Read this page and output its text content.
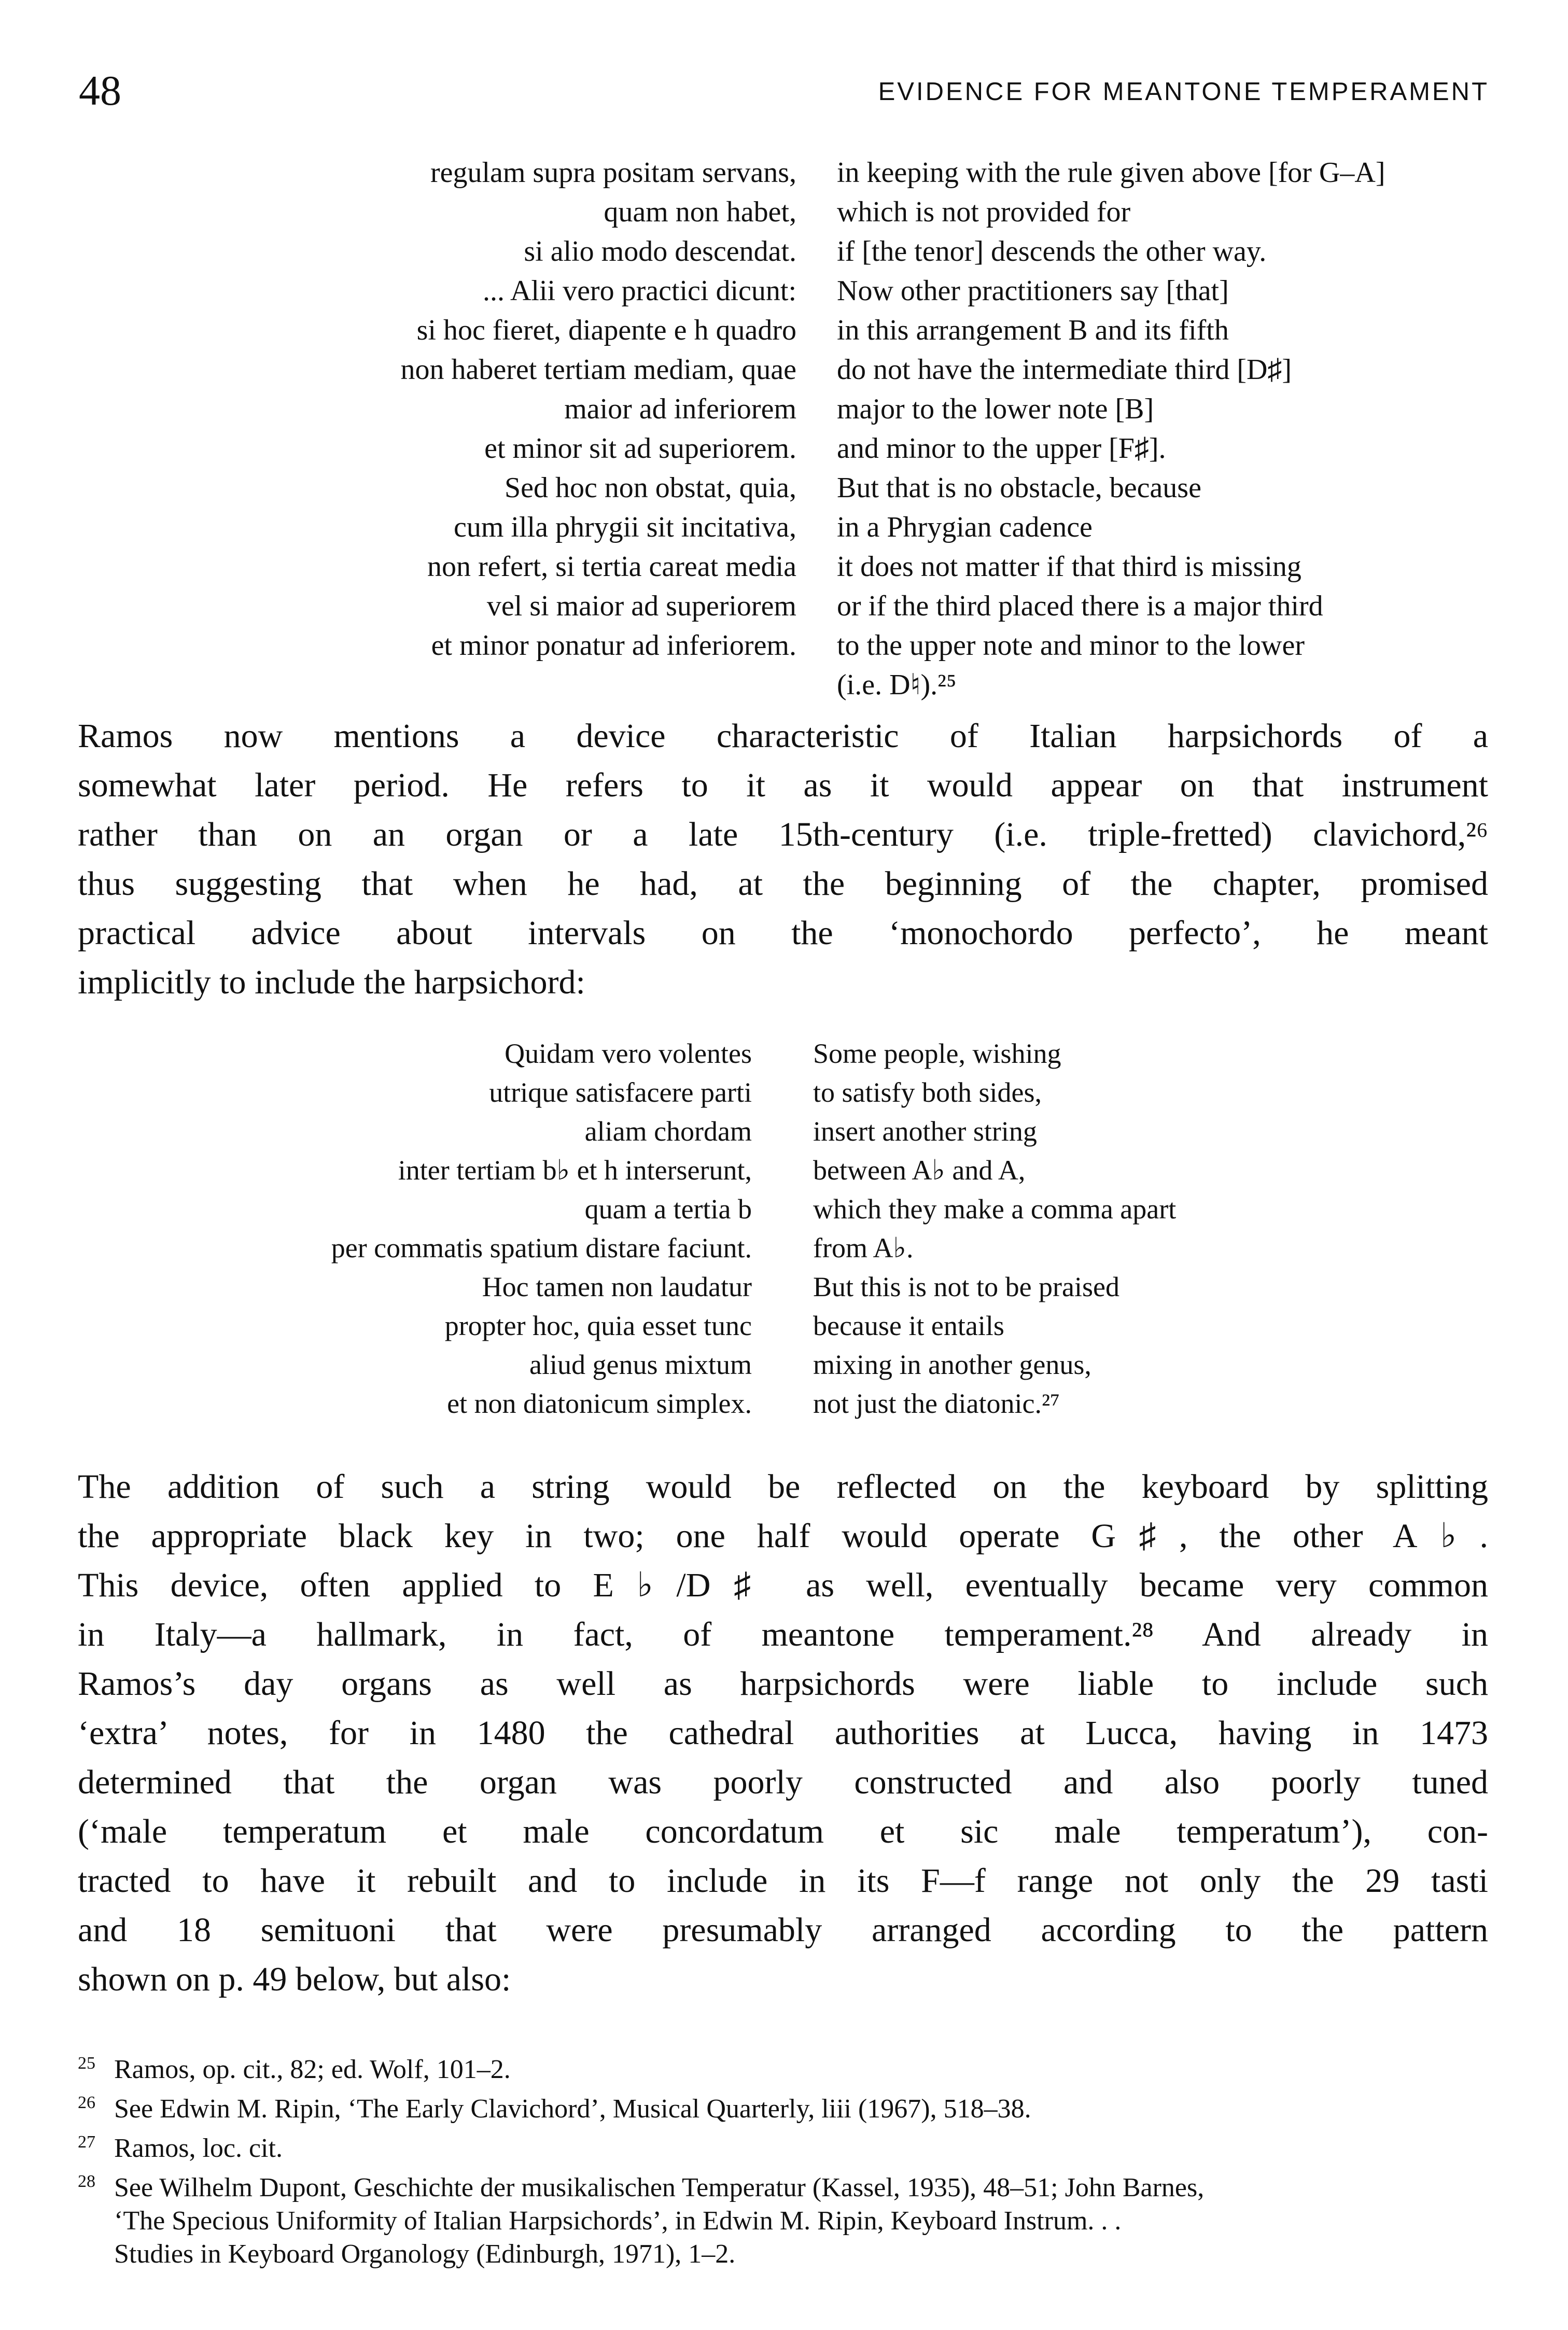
48	EVIDENCE FOR MEANTONE TEMPERAMENT
regulam supra positam servans,
quam non habet,
si alio modo descendat.
... Alii vero practici dicunt:
si hoc fieret, diapente e h quadro
non haberet tertiam mediam, quae
maior ad inferiorem
et minor sit ad superiorem.
Sed hoc non obstat, quia,
cum illa phrygii sit incitativa,
non refert, si tertia careat media
vel si maior ad superiorem
et minor ponatur ad inferiorem.
in keeping with the rule given above [for G–A]
which is not provided for
if [the tenor] descends the other way.
Now other practitioners say [that]
in this arrangement B and its fifth
do not have the intermediate third [D♯]
major to the lower note [B]
and minor to the upper [F♯].
But that is no obstacle, because
in a Phrygian cadence
it does not matter if that third is missing
or if the third placed there is a major third
to the upper note and minor to the lower
(i.e. D♮).²⁵
Ramos now mentions a device characteristic of Italian harpsichords of a
somewhat later period. He refers to it as it would appear on that instrument
rather than on an organ or a late 15th-century (i.e. triple-fretted) clavichord,²⁶
thus suggesting that when he had, at the beginning of the chapter, promised
practical advice about intervals on the ‘monochordo perfecto’, he meant
implicitly to include the harpsichord:
Quidam vero volentes
utrique satisfacere parti
aliam chordam
inter tertiam b♭ et h interserunt,
quam a tertia b
per commatis spatium distare faciunt.
Hoc tamen non laudatur
propter hoc, quia esset tunc
aliud genus mixtum
et non diatonicum simplex.
Some people, wishing
to satisfy both sides,
insert another string
between A♭ and A,
which they make a comma apart
from A♭.
But this is not to be praised
because it entails
mixing in another genus,
not just the diatonic.²⁷
The addition of such a string would be reflected on the keyboard by splitting
the appropriate black key in two; one half would operate G♯, the other A♭.
This device, often applied to E♭/D♯ as well, eventually became very common
in Italy—a hallmark, in fact, of meantone temperament.²⁸ And already in
Ramos’s day organs as well as harpsichords were liable to include such
‘extra’ notes, for in 1480 the cathedral authorities at Lucca, having in 1473
determined that the organ was poorly constructed and also poorly tuned
(‘male temperatum et male concordatum et sic male temperatum’), con-
tracted to have it rebuilt and to include in its F—f range not only the 29 tasti
and 18 semituoni that were presumably arranged according to the pattern
shown on p. 49 below, but also:
25 Ramos, op. cit., 82; ed. Wolf, 101–2.
26 See Edwin M. Ripin, ‘The Early Clavichord’, Musical Quarterly, liii (1967), 518–38.
27 Ramos, loc. cit.
28 See Wilhelm Dupont, Geschichte der musikalischen Temperatur (Kassel, 1935), 48–51; John Barnes,
‘The Specious Uniformity of Italian Harpsichords’, in Edwin M. Ripin, Keyboard Instrum. . .
Studies in Keyboard Organology (Edinburgh, 1971), 1–2.
